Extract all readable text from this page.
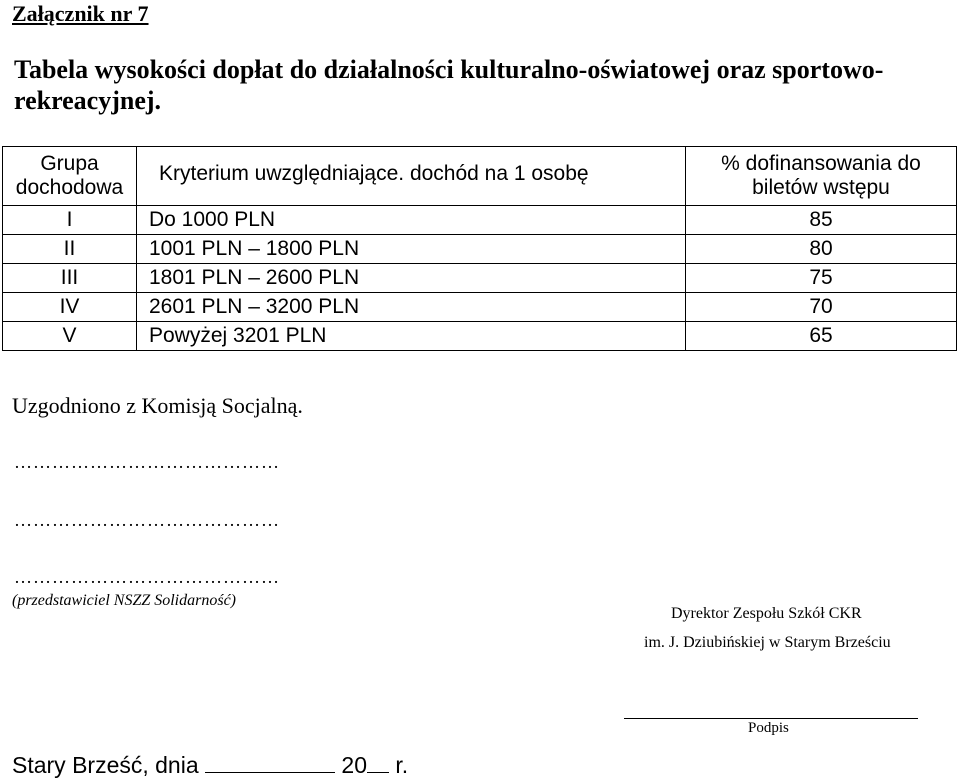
Załącznik nr 7
Tabela wysokości dopłat do działalności kulturalno-oświatowej oraz sportowo-rekreacyjnej.
Grupa dochodowa	Kryterium uwzględniające. dochód na 1 osobę	% dofinansowania do biletów wstępu
I	Do 1000 PLN	85
II	1001 PLN – 1800 PLN	80
III	1801 PLN – 2600 PLN	75
IV	2601 PLN – 3200 PLN	70
V	Powyżej 3201 PLN	65
Uzgodniono z Komisją Socjalną.
……………………………………
……………………………………
……………………………………
(przedstawiciel NSZZ Solidarność)
Dyrektor Zespołu Szkół CKR
im. J. Dziubińskiej w Starym Brześciu
Podpis
Stary Brześć, dnia	20 r.
